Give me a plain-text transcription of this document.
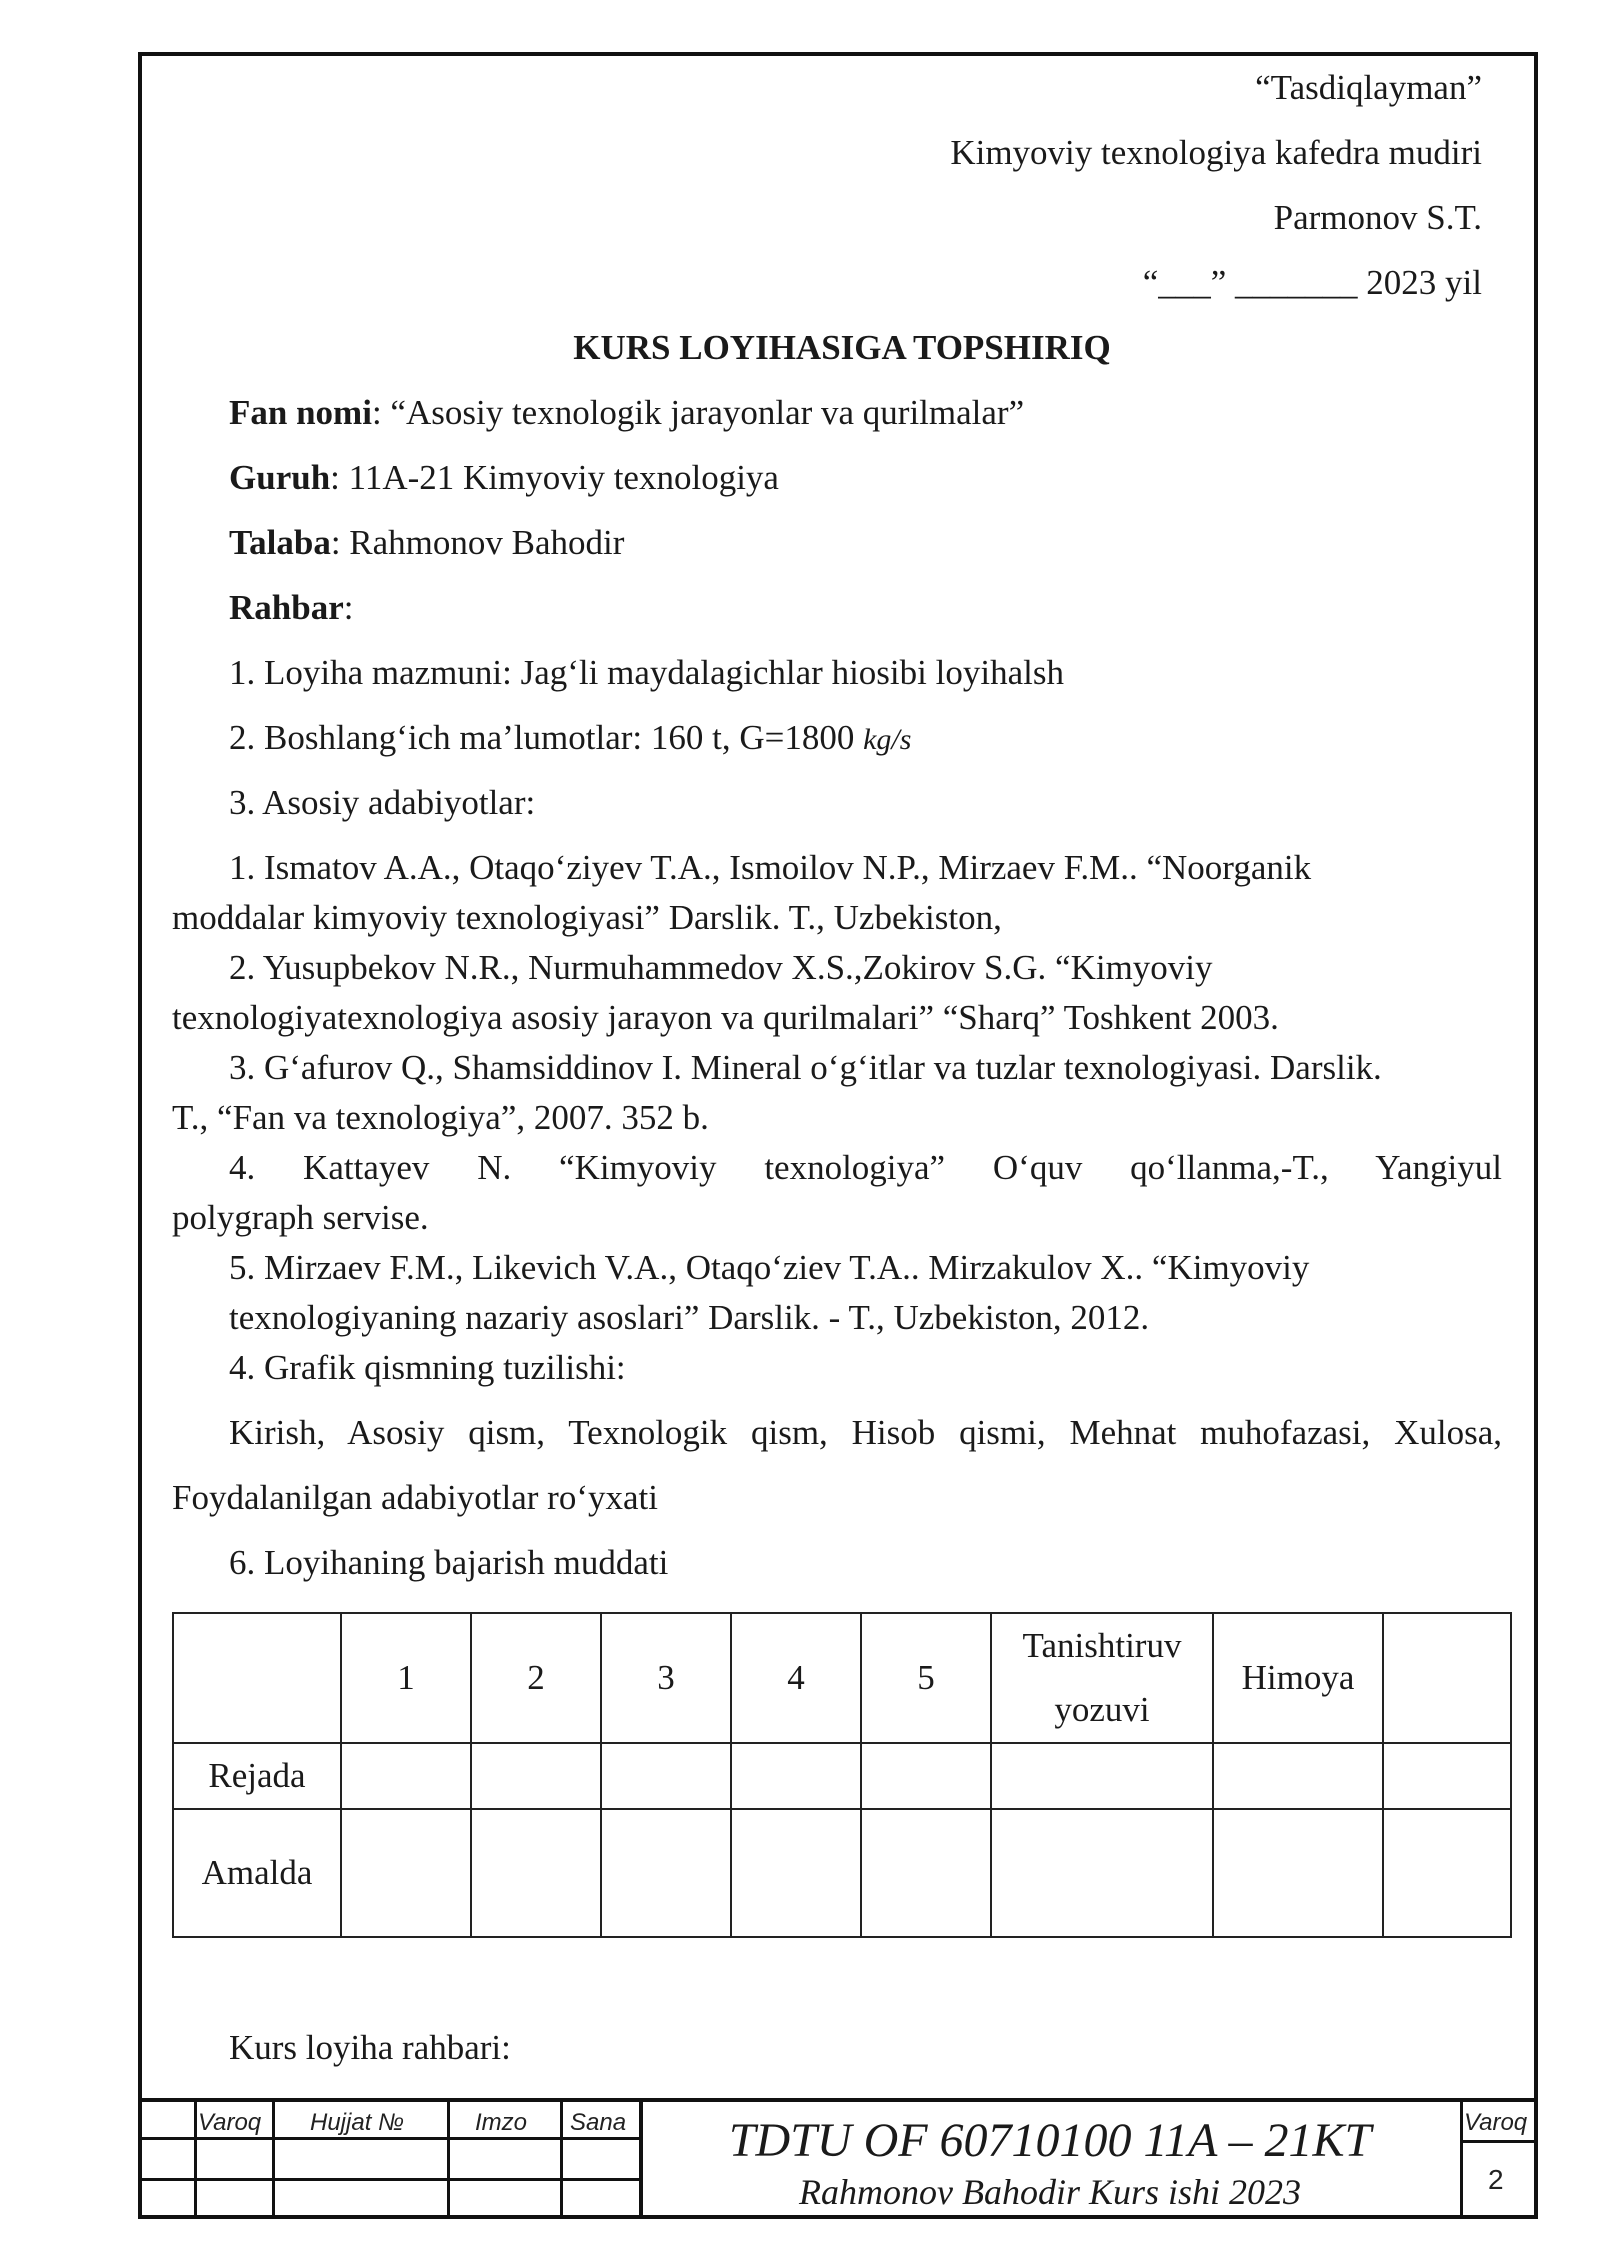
“Tasdiqlayman”
Kimyoviy texnologiya kafedra mudiri
Parmonov S.T.
“___” _______ 2023 yil
KURS LOYIHASIGA TOPSHIRIQ
Fan nomi: “Asosiy texnologik jarayonlar va qurilmalar”
Guruh: 11A-21 Kimyoviy texnologiya
Talaba: Rahmonov Bahodir
Rahbar:
1. Loyiha mazmuni: Jag‘li maydalagichlar hiosibi loyihalsh
2. Boshlang‘ich ma’lumotlar: 160 t, G=1800 kg/s
3. Asosiy adabiyotlar:
1. Ismatov A.A., Otaqo‘ziyev T.A., Ismoilov N.P., Mirzaev F.M.. “Noorganik
moddalar kimyoviy texnologiyasi” Darslik. T., Uzbekiston,
2. Yusupbekov N.R., Nurmuhammedov X.S.,Zokirov S.G. “Kimyoviy
texnologiyatexnologiya asosiy jarayon va qurilmalari” “Sharq” Toshkent 2003.
3. G‘afurov Q., Shamsiddinov I. Mineral o‘g‘itlar va tuzlar texnologiyasi. Darslik.
T., “Fan va texnologiya”, 2007. 352 b.
4. Kattayev N. “Kimyoviy texnologiya” O‘quv qo‘llanma,-T., Yangiyul
polygraph servise.
5. Mirzaev F.M., Likevich V.A., Otaqo‘ziev T.A.. Mirzakulov X.. “Kimyoviy
texnologiyaning nazariy asoslari” Darslik. - T., Uzbekiston, 2012.
4. Grafik qismning tuzilishi:
Kirish, Asosiy qism, Texnologik qism, Hisob qismi, Mehnat muhofazasi, Xulosa,
Foydalanilgan adabiyotlar ro‘yxati
6. Loyihaning bajarish muddati
Kurs loyiha rahbari:
	1	2	3	4	5	Tanishtiruv yozuvi	Himoya	
Rejada								
Amalda								
Varoq Hujjat №	Imzo Sana	TDTU OF 60710100 11A – 21KT
Rahmonov Bahodir Kurs ishi 2023
Varoq
2
